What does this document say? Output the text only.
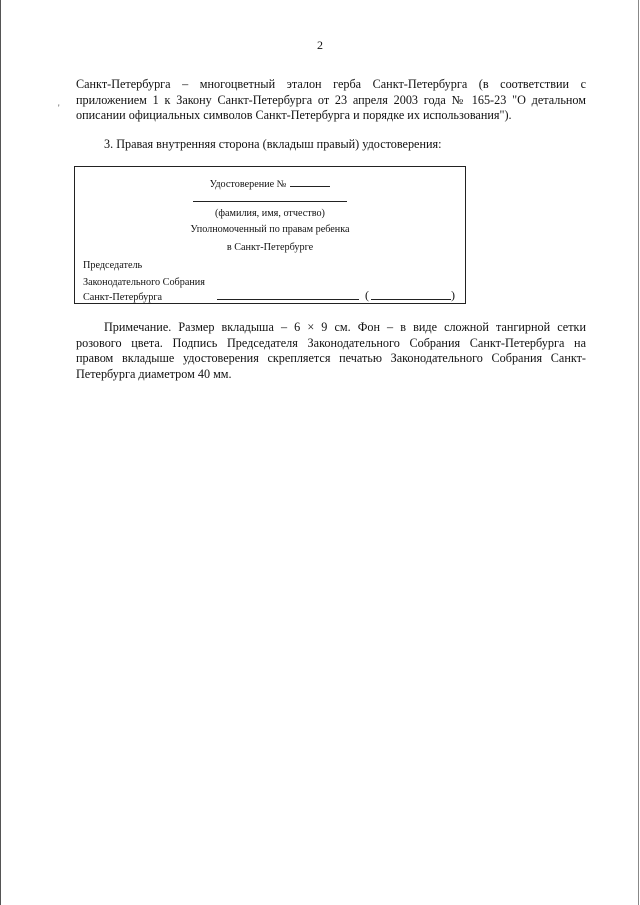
2
'
Санкт-Петербурга – многоцветный эталон герба Санкт-Петербурга (в соответствии с
приложением 1 к Закону Санкт-Петербурга от 23 апреля 2003 года № 165-23 "О детальном
описании официальных символов Санкт-Петербурга и порядке их использования").
3. Правая внутренняя сторона (вкладыш правый) удостоверения:
Удостоверение №
(фамилия, имя, отчество)
Уполномоченный по правам ребенка
в Санкт-Петербурге
Председатель
Законодательного Собрания
Санкт-Петербурга	(	)
Примечание. Размер вкладыша – 6 × 9 см. Фон – в виде сложной тангирной сетки
розового цвета. Подпись Председателя Законодательного Собрания Санкт-Петербурга на
правом вкладыше удостоверения скрепляется печатью Законодательного Собрания Санкт-
Петербурга диаметром 40 мм.
